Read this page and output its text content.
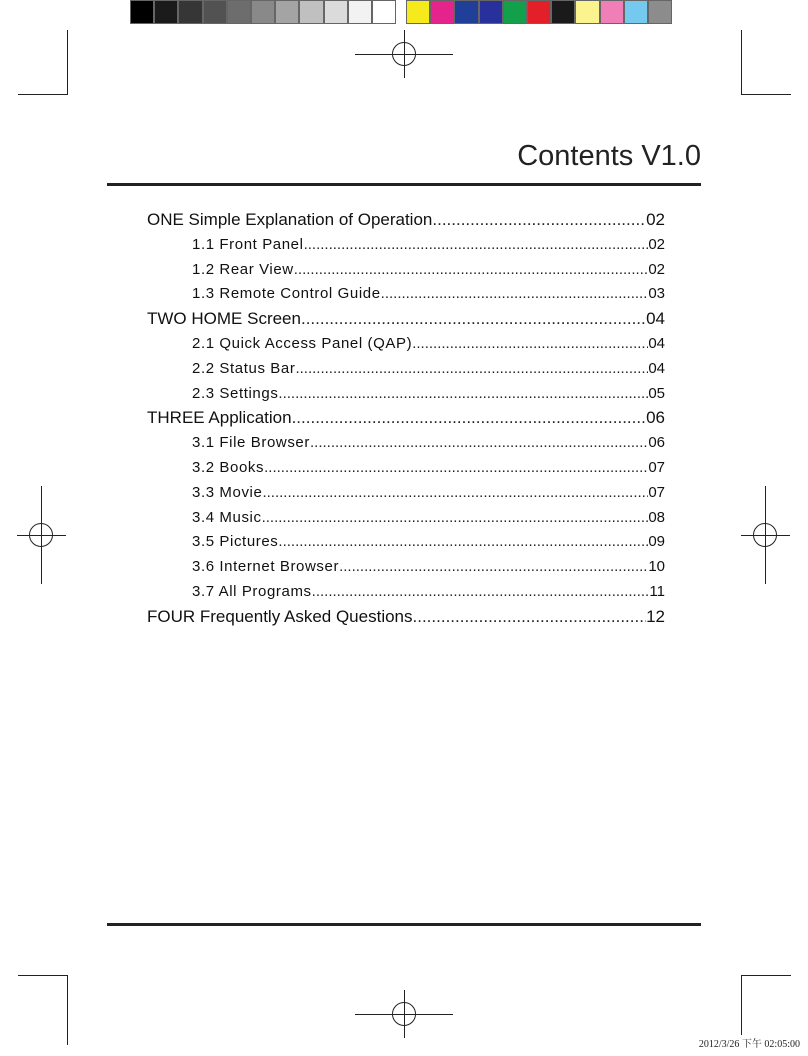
Contents V1.0
ONE Simple Explanation of Operation .....	02
1.1 Front Panel .....	02
1.2 Rear View .....	02
1.3 Remote Control Guide .....	03
TWO HOME Screen .....	04
2.1 Quick Access Panel (QAP) .....	04
2.2 Status Bar .....	04
2.3 Settings .....	05
THREE Application .....	06
3.1 File Browser .....	06
3.2 Books .....	07
3.3 Movie .....	07
3.4 Music .....	08
3.5 Pictures .....	09
3.6 Internet Browser .....	10
3.7 All Programs .....	11
FOUR Frequently Asked Questions .....	12
2012/3/26 下午 02:05:00
